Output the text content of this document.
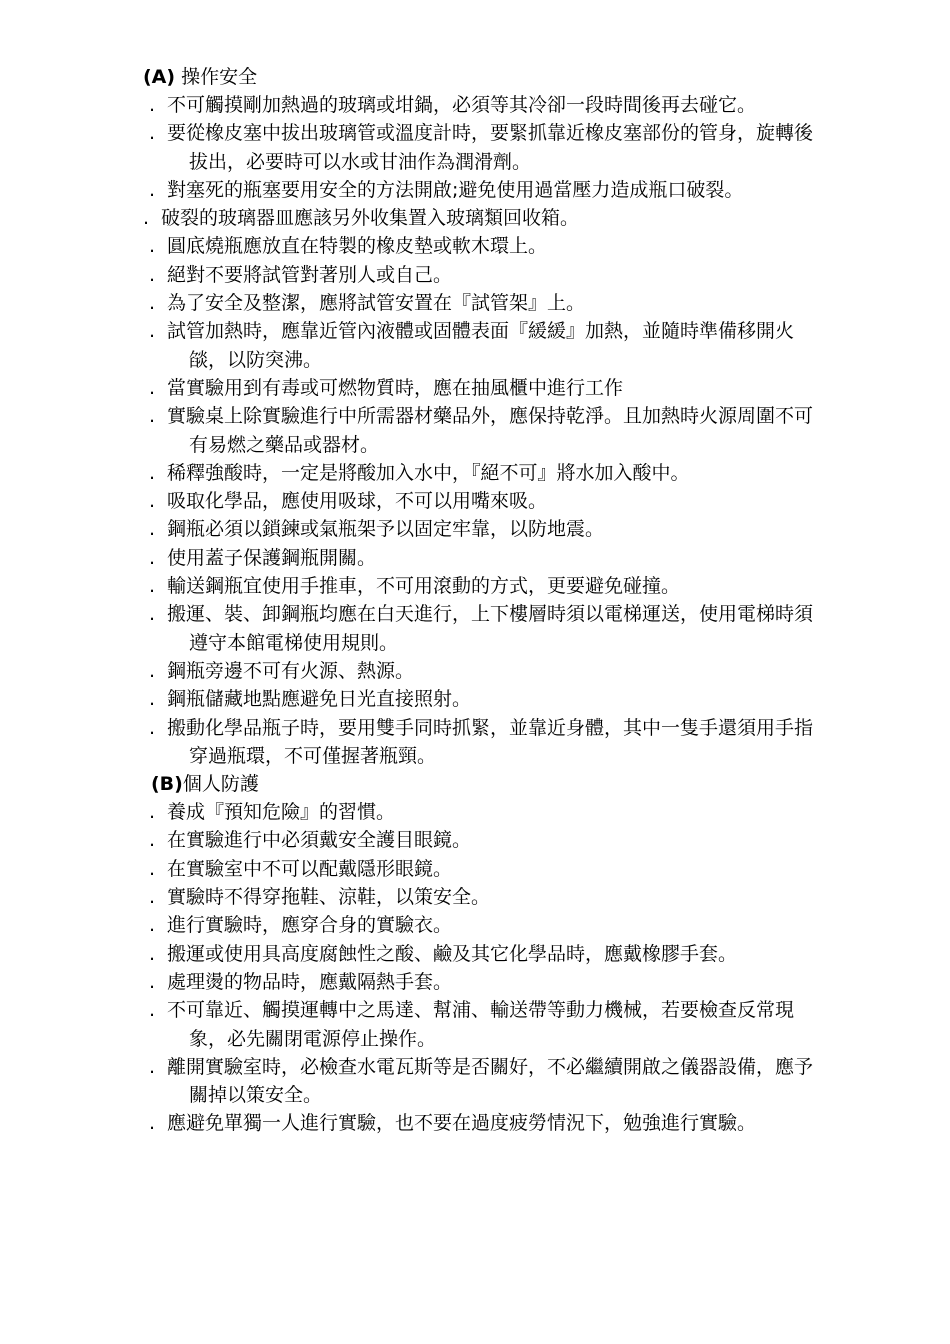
(A) 操作安全
. 不可觸摸剛加熱過的玻璃或坩鍋，必須等其冷卻一段時間後再去碰它。
. 要從橡皮塞中拔出玻璃管或溫度計時，要緊抓靠近橡皮塞部份的管身，旋轉後拔出，必要時可以水或甘油作為潤滑劑。
. 對塞死的瓶塞要用安全的方法開啟;避免使用過當壓力造成瓶口破裂。
. 破裂的玻璃器皿應該另外收集置入玻璃類回收箱。
. 圓底燒瓶應放直在特製的橡皮墊或軟木環上。
. 絕對不要將試管對著別人或自己。
. 為了安全及整潔，應將試管安置在『試管架』上。
. 試管加熱時，應靠近管內液體或固體表面『緩緩』加熱，並隨時準備移開火燄，以防突沸。
. 當實驗用到有毒或可燃物質時，應在抽風櫃中進行工作
. 實驗桌上除實驗進行中所需器材藥品外，應保持乾淨。且加熱時火源周圍不可有易燃之藥品或器材。
. 稀釋強酸時，一定是將酸加入水中，『絕不可』將水加入酸中。
. 吸取化學品，應使用吸球，不可以用嘴來吸。
. 鋼瓶必須以鎖鍊或氣瓶架予以固定牢靠，以防地震。
. 使用蓋子保護鋼瓶開關。
. 輸送鋼瓶宜使用手推車，不可用滾動的方式，更要避免碰撞。
. 搬運、裝、卸鋼瓶均應在白天進行，上下樓層時須以電梯運送，使用電梯時須遵守本館電梯使用規則。
. 鋼瓶旁邊不可有火源、熱源。
. 鋼瓶儲藏地點應避免日光直接照射。
. 搬動化學品瓶子時，要用雙手同時抓緊，並靠近身體，其中一隻手還須用手指穿過瓶環，不可僅握著瓶頸。
(B)個人防護
. 養成『預知危險』的習慣。
. 在實驗進行中必須戴安全護目眼鏡。
. 在實驗室中不可以配戴隱形眼鏡。
. 實驗時不得穿拖鞋、涼鞋，以策安全。
. 進行實驗時，應穿合身的實驗衣。
. 搬運或使用具高度腐蝕性之酸、鹼及其它化學品時，應戴橡膠手套。
. 處理燙的物品時，應戴隔熱手套。
. 不可靠近、觸摸運轉中之馬達、幫浦、輸送帶等動力機械，若要檢查反常現象，必先關閉電源停止操作。
. 離開實驗室時，必檢查水電瓦斯等是否關好，不必繼續開啟之儀器設備，應予關掉以策安全。
. 應避免單獨一人進行實驗，也不要在過度疲勞情況下，勉強進行實驗。
